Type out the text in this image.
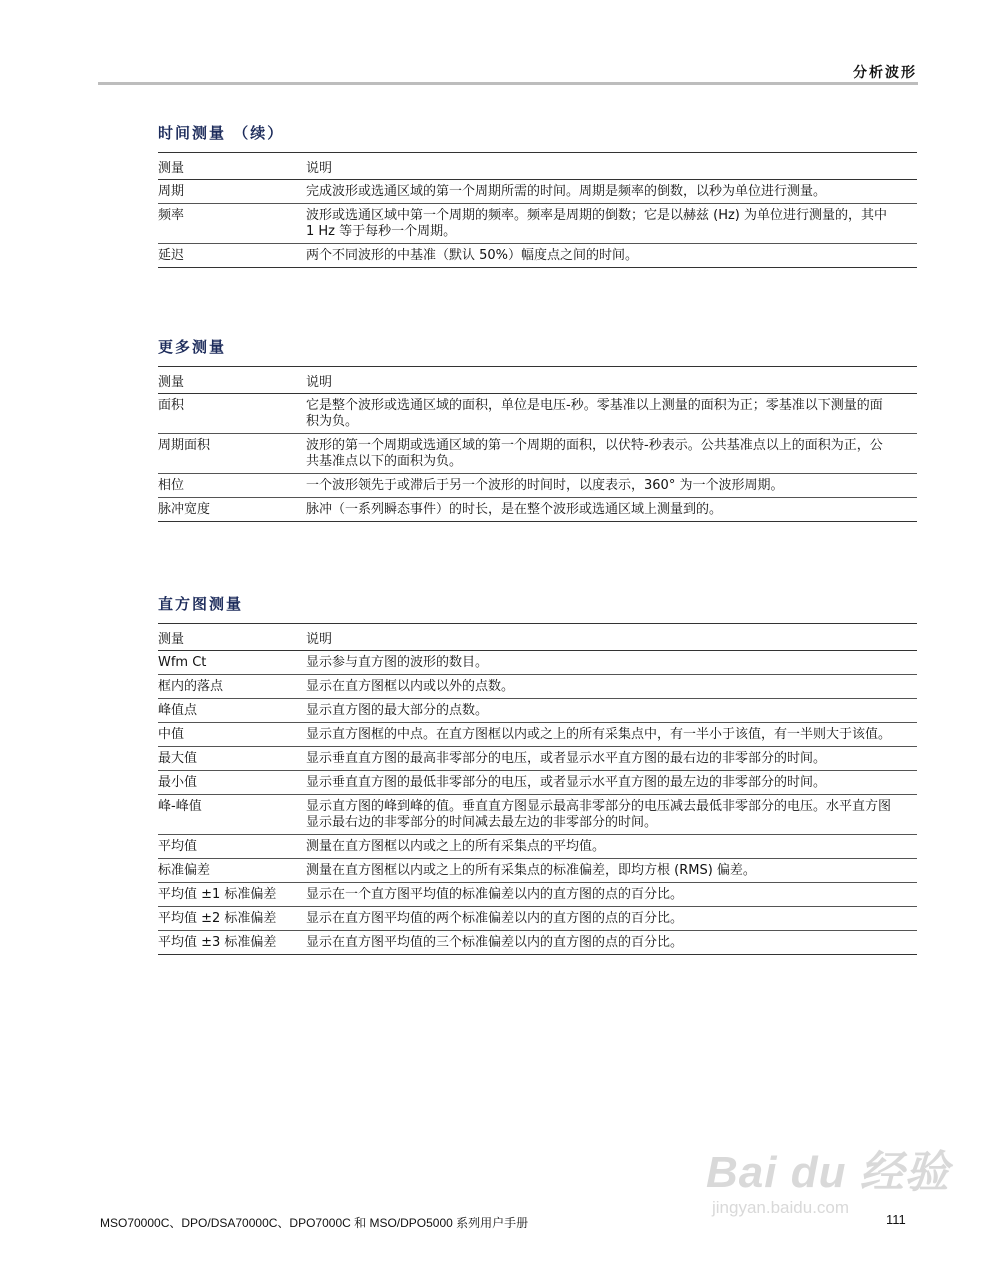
分析波形
时间测量 （续）
测量	说明
周期	完成波形或选通区域的第一个周期所需的时间。周期是频率的倒数，以秒为单位进行测量。
频率	波形或选通区域中第一个周期的频率。频率是周期的倒数；它是以赫兹 (Hz) 为单位进行测量的，其中 1 Hz 等于每秒一个周期。
延迟	两个不同波形的中基准（默认 50%）幅度点之间的时间。
更多测量
测量	说明
面积	它是整个波形或选通区域的面积，单位是电压-秒。零基准以上测量的面积为正；零基准以下测量的面积为负。
周期面积	波形的第一个周期或选通区域的第一个周期的面积，以伏特-秒表示。公共基准点以上的面积为正，公共基准点以下的面积为负。
相位	一个波形领先于或滞后于另一个波形的时间时，以度表示，360° 为一个波形周期。
脉冲宽度	脉冲（一系列瞬态事件）的时长，是在整个波形或选通区域上测量到的。
直方图测量
测量	说明
Wfm Ct	显示参与直方图的波形的数目。
框内的落点	显示在直方图框以内或以外的点数。
峰值点	显示直方图的最大部分的点数。
中值	显示直方图框的中点。在直方图框以内或之上的所有采集点中，有一半小于该值，有一半则大于该值。
最大值	显示垂直直方图的最高非零部分的电压，或者显示水平直方图的最右边的非零部分的时间。
最小值	显示垂直直方图的最低非零部分的电压，或者显示水平直方图的最左边的非零部分的时间。
峰-峰值	显示直方图的峰到峰的值。垂直直方图显示最高非零部分的电压减去最低非零部分的电压。水平直方图显示最右边的非零部分的时间减去最左边的非零部分的时间。
平均值	测量在直方图框以内或之上的所有采集点的平均值。
标准偏差	测量在直方图框以内或之上的所有采集点的标准偏差，即均方根 (RMS) 偏差。
平均值 ±1 标准偏差	显示在一个直方图平均值的标准偏差以内的直方图的点的百分比。
平均值 ±2 标准偏差	显示在直方图平均值的两个标准偏差以内的直方图的点的百分比。
平均值 ±3 标准偏差	显示在直方图平均值的三个标准偏差以内的直方图的点的百分比。
Bai du 经验
jingyan.baidu.com
MSO70000C、DPO/DSA70000C、DPO7000C 和 MSO/DPO5000 系列用户手册	111
